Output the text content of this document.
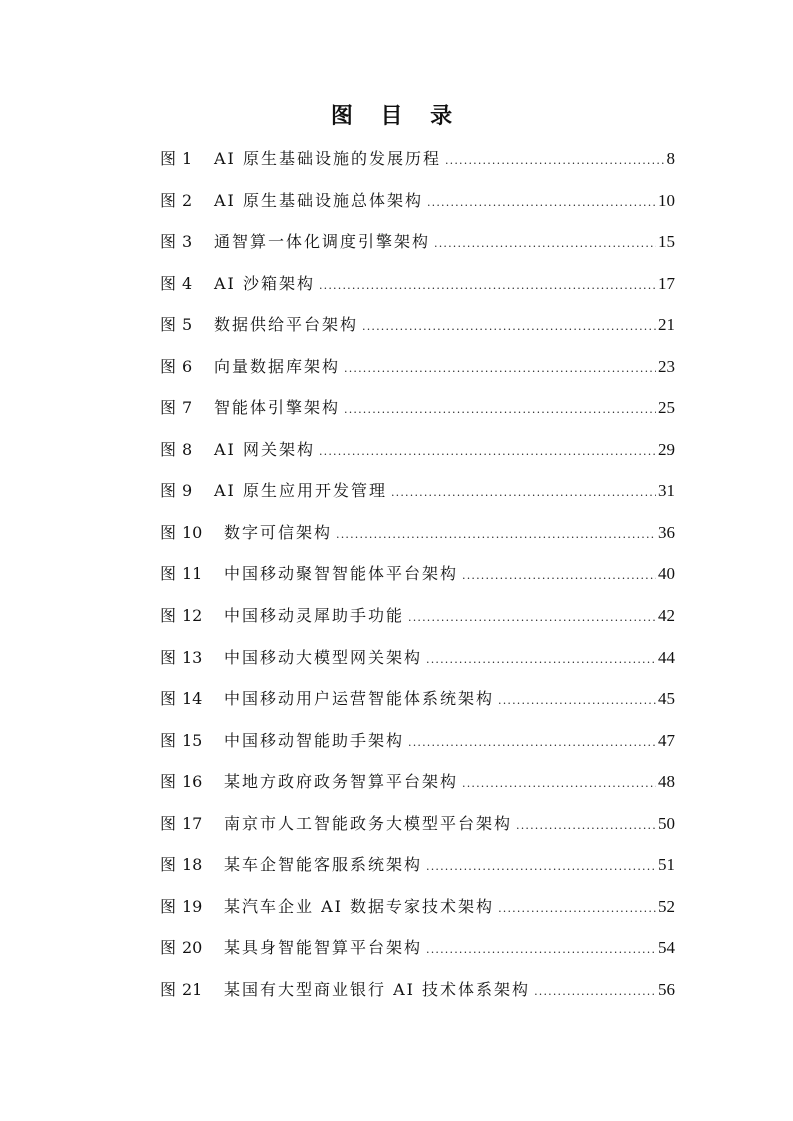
图 目 录
图 1	AI 原生基础设施的发展历程 .....	8
图 2	AI 原生基础设施总体架构 .....	10
图 3	通智算一体化调度引擎架构 .....	15
图 4	AI 沙箱架构 .....	17
图 5	数据供给平台架构 .....	21
图 6	向量数据库架构 .....	23
图 7	智能体引擎架构 .....	25
图 8	AI 网关架构 .....	29
图 9	AI 原生应用开发管理 .....	31
图 10	数字可信架构 .....	36
图 11	中国移动聚智智能体平台架构 .....	40
图 12	中国移动灵犀助手功能 .....	42
图 13	中国移动大模型网关架构 .....	44
图 14	中国移动用户运营智能体系统架构 .....	45
图 15	中国移动智能助手架构 .....	47
图 16	某地方政府政务智算平台架构 .....	48
图 17	南京市人工智能政务大模型平台架构 .....	50
图 18	某车企智能客服系统架构 .....	51
图 19	某汽车企业 AI 数据专家技术架构 .....	52
图 20	某具身智能智算平台架构 .....	54
图 21	某国有大型商业银行 AI 技术体系架构 .....	56
